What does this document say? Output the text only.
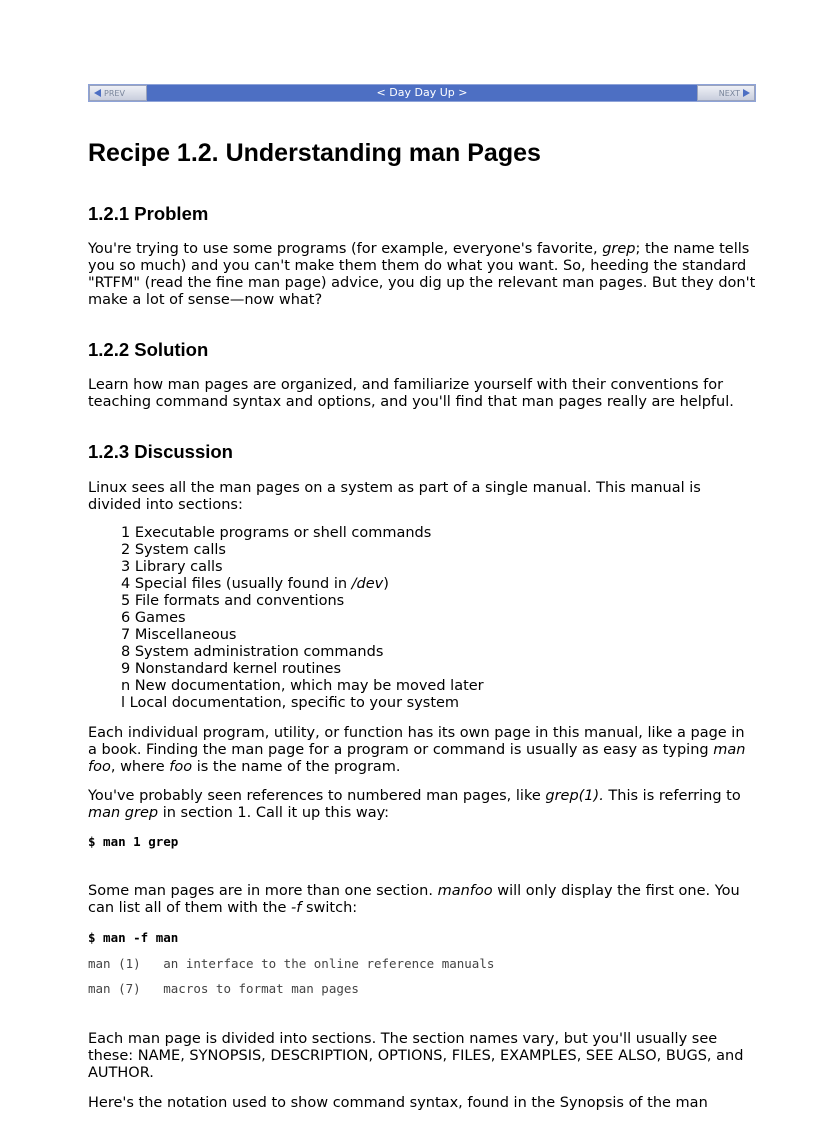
PREV	< Day Day Up >	NEXT
Recipe 1.2. Understanding man Pages
1.2.1 Problem

You're trying to use some programs (for example, everyone's favorite, grep; the name tells you so much) and you can't make them them do what you want. So, heeding the standard "RTFM" (read the fine man page) advice, you dig up the relevant man pages. But they don't make a lot of sense—now what?

1.2.2 Solution

Learn how man pages are organized, and familiarize yourself with their conventions for teaching command syntax and options, and you'll find that man pages really are helpful.

1.2.3 Discussion

Linux sees all the man pages on a system as part of a single manual. This manual is divided into sections:

1 Executable programs or shell commands
2 System calls
3 Library calls
4 Special files (usually found in /dev)
5 File formats and conventions
6 Games
7 Miscellaneous
8 System administration commands
9 Nonstandard kernel routines
n New documentation, which may be moved later
l Local documentation, specific to your system

Each individual program, utility, or function has its own page in this manual, like a page in a book. Finding the man page for a program or command is usually as easy as typing man foo, where foo is the name of the program.

You've probably seen references to numbered man pages, like grep(1). This is referring to man grep in section 1. Call it up this way:

$ man 1 grep

Some man pages are in more than one section. manfoo will only display the first one. You can list all of them with the -f switch:

$ man -f man
man (1)   an interface to the online reference manuals
man (7)   macros to format man pages

Each man page is divided into sections. The section names vary, but you'll usually see these: NAME, SYNOPSIS, DESCRIPTION, OPTIONS, FILES, EXAMPLES, SEE ALSO, BUGS, and AUTHOR.

Here's the notation used to show command syntax, found in the Synopsis of the man
